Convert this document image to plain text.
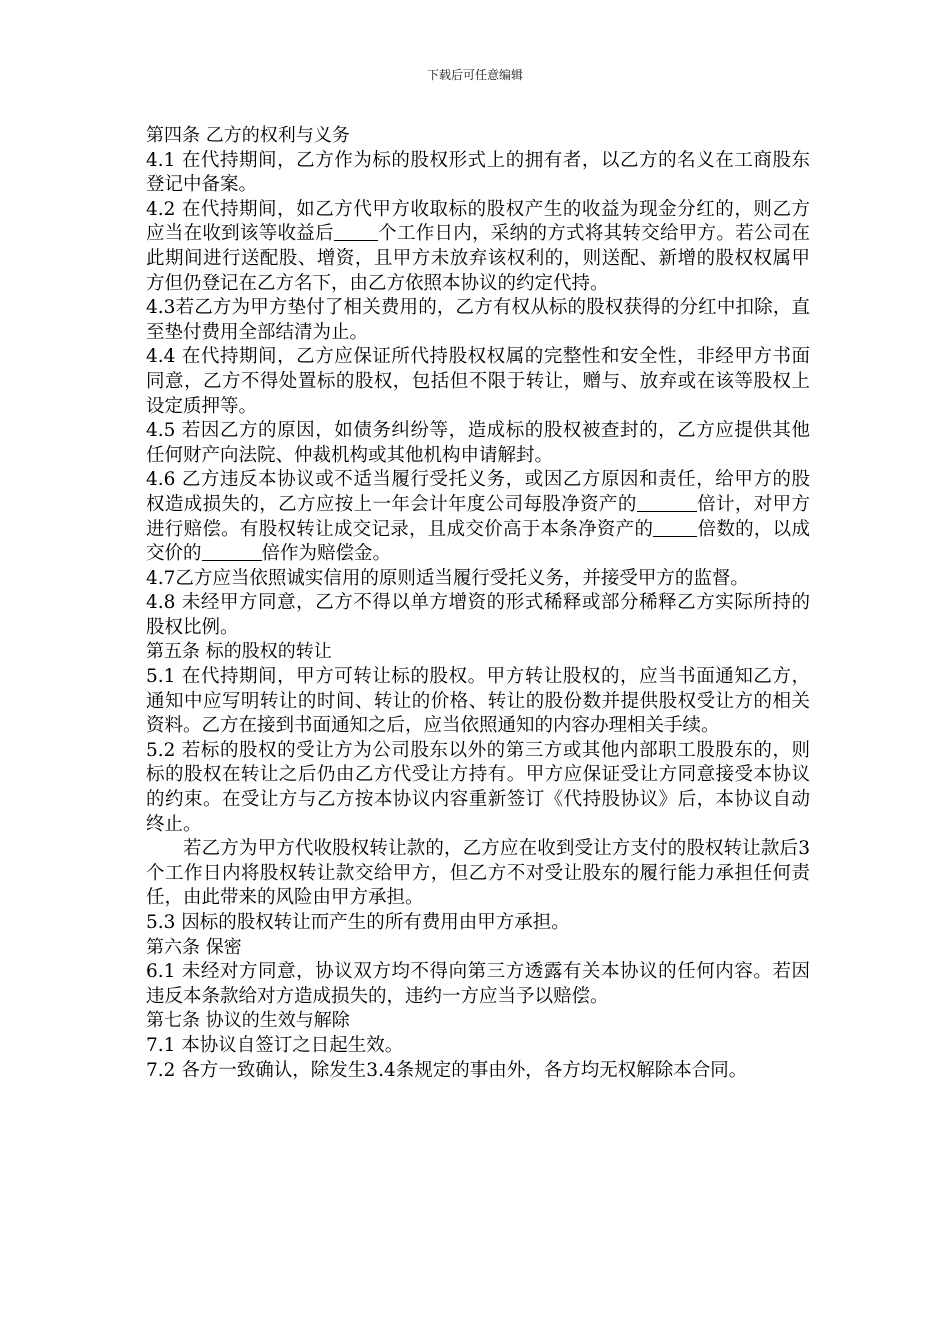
下载后可任意编辑

第四条 乙方的权利与义务

4.1 在代持期间，乙方作为标的股权形式上的拥有者，以乙方的名义在工商股东登记中备案。

4.2 在代持期间，如乙方代甲方收取标的股权产生的收益为现金分红的，则乙方应当在收到该等收益后 个工作日内，采纳的方式将其转交给甲方。若公司在此期间进行送配股、增资，且甲方未放弃该权利的，则送配、新增的股权权属甲方但仍登记在乙方名下，由乙方依照本协议的约定代持。

4.3若乙方为甲方垫付了相关费用的，乙方有权从标的股权获得的分红中扣除，直至垫付费用全部结清为止。

4.4 在代持期间，乙方应保证所代持股权权属的完整性和安全性，非经甲方书面同意，乙方不得处置标的股权，包括但不限于转让，赠与、放弃或在该等股权上设定质押等。

4.5 若因乙方的原因，如债务纠纷等，造成标的股权被查封的，乙方应提供其他任何财产向法院、仲裁机构或其他机构申请解封。

4.6 乙方违反本协议或不适当履行受托义务，或因乙方原因和责任，给甲方的股权造成损失的，乙方应按上一年会计年度公司每股净资产的	倍计，对甲方进行赔偿。有股权转让成交记录，且成交价高于本条净资产的 倍数的，以成交价的	倍作为赔偿金。

4.7乙方应当依照诚实信用的原则适当履行受托义务，并接受甲方的监督。

4.8 未经甲方同意，乙方不得以单方增资的形式稀释或部分稀释乙方实际所持的股权比例。

第五条 标的股权的转让

5.1 在代持期间，甲方可转让标的股权。甲方转让股权的，应当书面通知乙方，通知中应写明转让的时间、转让的价格、转让的股份数并提供股权受让方的相关资料。乙方在接到书面通知之后，应当依照通知的内容办理相关手续。

5.2 若标的股权的受让方为公司股东以外的第三方或其他内部职工股股东的，则标的股权在转让之后仍由乙方代受让方持有。甲方应保证受让方同意接受本协议的约束。在受让方与乙方按本协议内容重新签订《代持股协议》后，本协议自动终止。

若乙方为甲方代收股权转让款的，乙方应在收到受让方支付的股权转让款后3个工作日内将股权转让款交给甲方，但乙方不对受让股东的履行能力承担任何责任，由此带来的风险由甲方承担。

5.3 因标的股权转让而产生的所有费用由甲方承担。

第六条 保密

6.1 未经对方同意，协议双方均不得向第三方透露有关本协议的任何内容。若因违反本条款给对方造成损失的，违约一方应当予以赔偿。

第七条 协议的生效与解除

7.1 本协议自签订之日起生效。

7.2 各方一致确认，除发生3.4条规定的事由外，各方均无权解除本合同。
